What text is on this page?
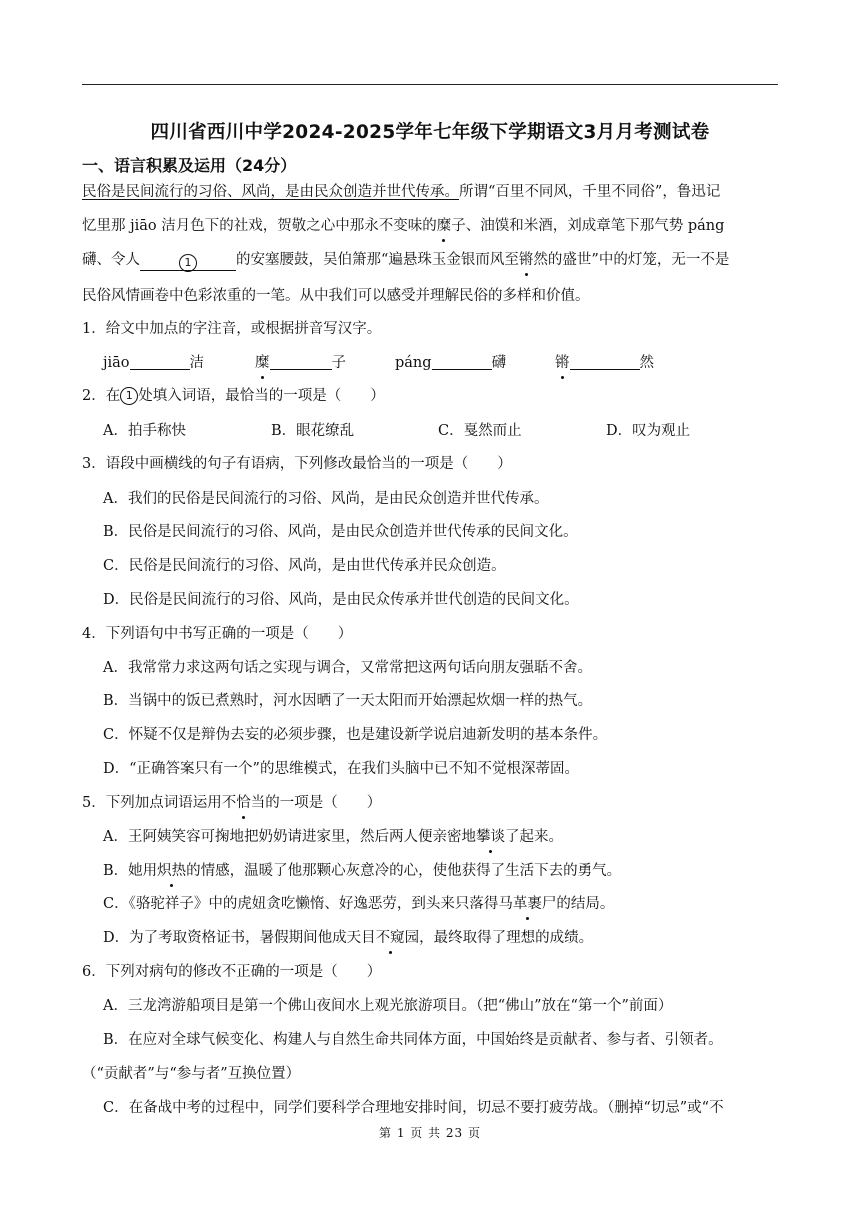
四川省西川中学2024-2025学年七年级下学期语文3月月考测试卷
一、语言积累及运用（24分）
民俗是民间流行的习俗、风尚，是由民众创造并世代传承。所谓“百里不同风，千里不同俗”，鲁迅记
忆里那 jiāo 洁月色下的社戏，贺敬之心中那永不变味的糜子、油馍和米酒，刘成章笔下那气势 páng
礴、令人	1	的安塞腰鼓，吴伯箫那“遍悬珠玉金银而风至锵然的盛世”中的灯笼，无一不是
民俗风情画卷中色彩浓重的一笔。从中我们可以感受并理解民俗的多样和价值。
1．给文中加点的字注音，或根据拼音写汉字。
jiāo	洁	糜	子	páng	礴	锵	然
2．在 1 处填入词语，最恰当的一项是（　　）
A．拍手称快	B．眼花缭乱	C．戛然而止	D．叹为观止
3．语段中画横线的句子有语病，下列修改最恰当的一项是（　　）
A．我们的民俗是民间流行的习俗、风尚，是由民众创造并世代传承。
B．民俗是民间流行的习俗、风尚，是由民众创造并世代传承的民间文化。
C．民俗是民间流行的习俗、风尚，是由世代传承并民众创造。
D．民俗是民间流行的习俗、风尚，是由民众传承并世代创造的民间文化。
4．下列语句中书写正确的一项是（　　）
A．我常常力求这两句话之实现与调合，又常常把这两句话向朋友强聒不舍。
B．当锅中的饭已煮熟时，河水因晒了一天太阳而开始漂起炊烟一样的热气。
C．怀疑不仅是辩伪去妄的必须步骤，也是建设新学说启迪新发明的基本条件。
D．“正确答案只有一个”的思维模式，在我们头脑中已不知不觉根深蒂固。
5．下列加点词语运用不恰当的一项是（　　）
A．王阿姨笑容可掬地把奶奶请进家里，然后两人便亲密地攀谈了起来。
B．她用炽热的情感，温暖了他那颗心灰意冷的心，使他获得了生活下去的勇气。
C．《骆驼祥子》中的虎妞贪吃懒惰、好逸恶劳，到头来只落得马革裹尸的结局。
D．为了考取资格证书，暑假期间他成天目不窥园，最终取得了理想的成绩。
6．下列对病句的修改不正确的一项是（　　）
A．三龙湾游船项目是第一个佛山夜间水上观光旅游项目。（把“佛山”放在“第一个”前面）
B．在应对全球气候变化、构建人与自然生命共同体方面，中国始终是贡献者、参与者、引领者。
（“贡献者”与“参与者”互换位置）
C．在备战中考的过程中，同学们要科学合理地安排时间，切忌不要打疲劳战。（删掉“切忌”或“不
第 1 页 共 23 页
